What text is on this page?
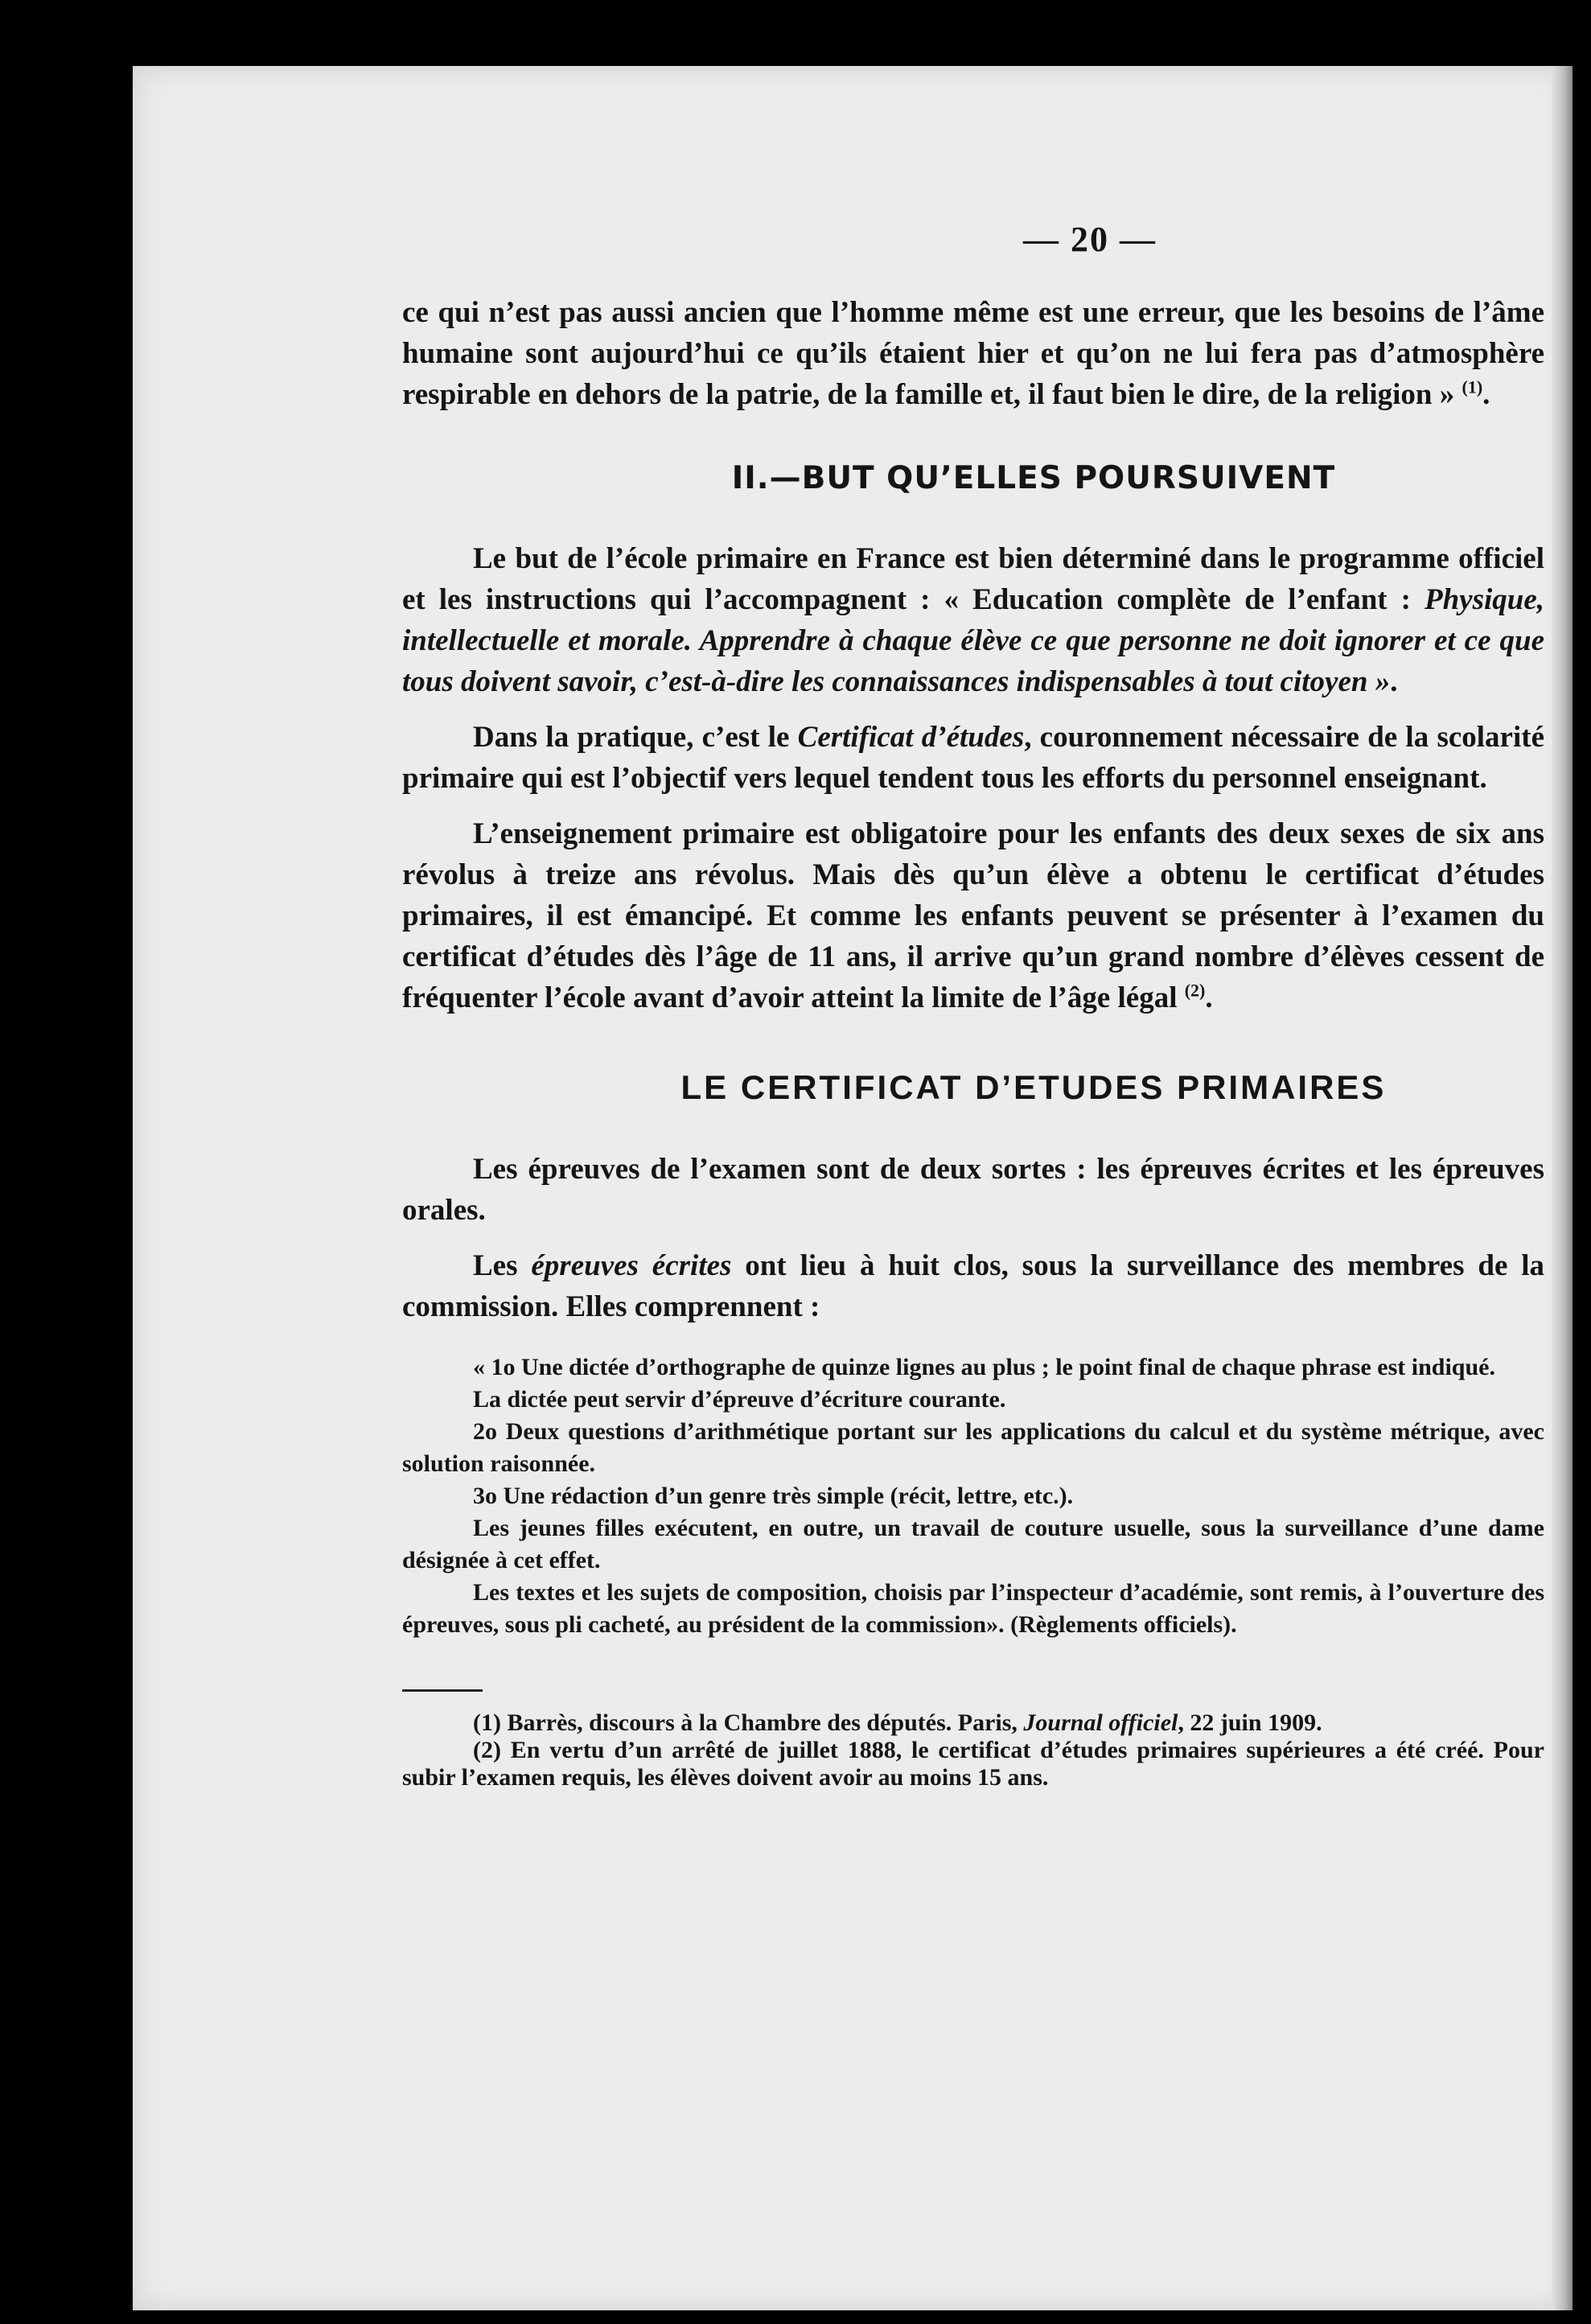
— 20 —

ce qui n’est pas aussi ancien que l’homme même est une erreur, que les besoins de l’âme humaine sont aujourd’hui ce qu’ils étaient hier et qu’on ne lui fera pas d’atmosphère respirable en dehors de la patrie, de la famille et, il faut bien le dire, de la religion » $^{(1)}$.

II.—BUT QU’ELLES POURSUIVENT

Le but de l’école primaire en France est bien déterminé dans le programme officiel et les instructions qui l’accompagnent : « Education complète de l’enfant : Physique, intellectuelle et morale. Apprendre à chaque élève ce que personne ne doit ignorer et ce que tous doivent savoir, c’est-à-dire les connaissances indispensables à tout citoyen ».

Dans la pratique, c’est le Certificat d’études, couronnement nécessaire de la scolarité primaire qui est l’objectif vers lequel tendent tous les efforts du personnel enseignant.

L’enseignement primaire est obligatoire pour les enfants des deux sexes de six ans révolus à treize ans révolus. Mais dès qu’un élève a obtenu le certificat d’études primaires, il est émancipé. Et comme les enfants peuvent se présenter à l’examen du certificat d’études dès l’âge de 11 ans, il arrive qu’un grand nombre d’élèves cessent de fréquenter l’école avant d’avoir atteint la limite de l’âge légal $^{(2)}$.

LE CERTIFICAT D’ETUDES PRIMAIRES

Les épreuves de l’examen sont de deux sortes : les épreuves écrites et les épreuves orales.

Les épreuves écrites ont lieu à huit clos, sous la surveillance des membres de la commission. Elles comprennent :

« 1o Une dictée d’orthographe de quinze lignes au plus ; le point final de chaque phrase est indiqué.

La dictée peut servir d’épreuve d’écriture courante.

2o Deux questions d’arithmétique portant sur les applications du calcul et du système métrique, avec solution raisonnée.

3o Une rédaction d’un genre très simple (récit, lettre, etc.).

Les jeunes filles exécutent, en outre, un travail de couture usuelle, sous la surveillance d’une dame désignée à cet effet.

Les textes et les sujets de composition, choisis par l’inspecteur d’académie, sont remis, à l’ouverture des épreuves, sous pli cacheté, au président de la commission». (Règlements officiels).

(1) Barrès, discours à la Chambre des députés. Paris, Journal officiel, 22 juin 1909.

(2) En vertu d’un arrêté de juillet 1888, le certificat d’études primaires supérieures a été créé. Pour subir l’examen requis, les élèves doivent avoir au moins 15 ans.
